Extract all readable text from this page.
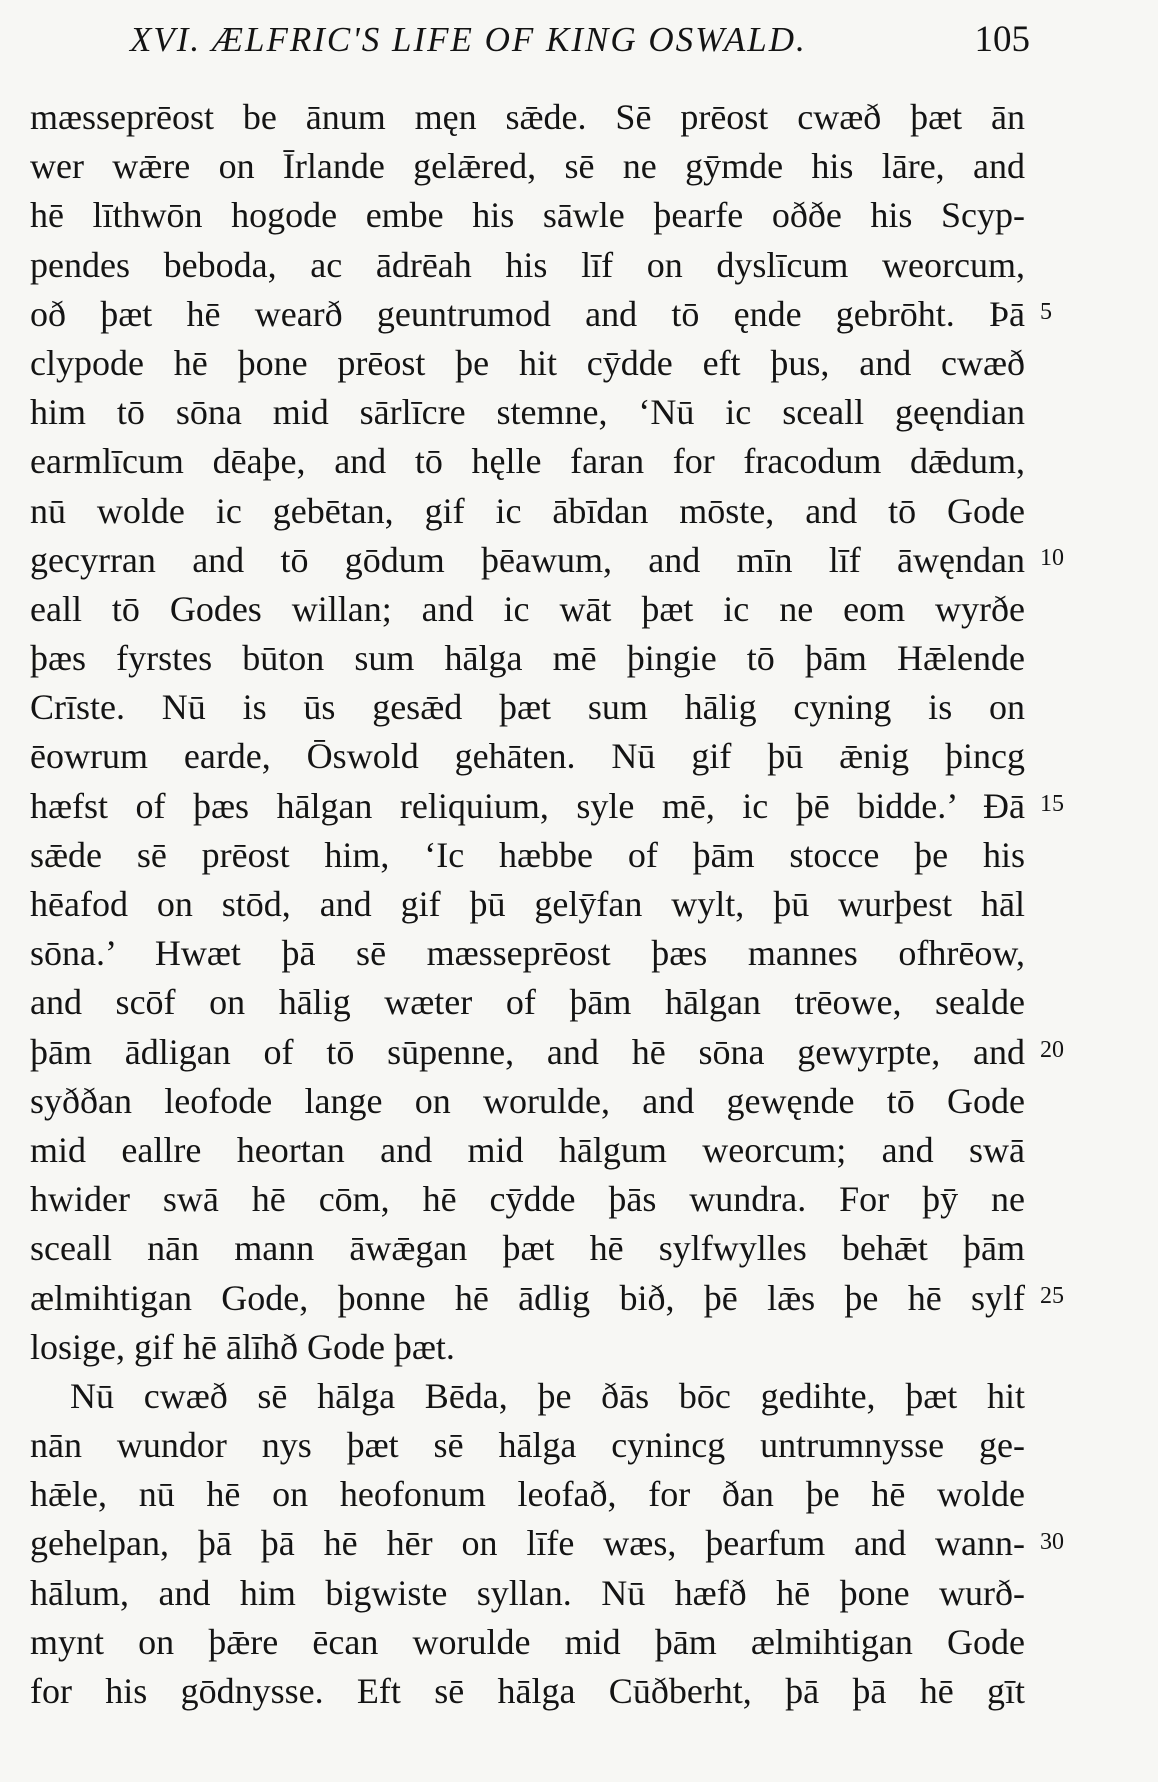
XVI. ÆLFRIC'S LIFE OF KING OSWALD.	105
mæsseprēost be ānum męn sǣde. Sē prēost cwæð þæt ān
wer wǣre on Īrlande gelǣred, sē ne gȳmde his lāre, and
hē līthwōn hogode embe his sāwle þearfe oððe his Scyp-
pendes beboda, ac ādrēah his līf on dyslīcum weorcum,
oð þæt hē wearð geuntrumod and tō ęnde gebrōht. Þā
clypode hē þone prēost þe hit cȳdde eft þus, and cwæð
him tō sōna mid sārlīcre stemne, ‘Nū ic sceall geęndian
earmlīcum dēaþe, and tō hęlle faran for fracodum dǣdum,
nū wolde ic gebētan, gif ic ābīdan mōste, and tō Gode
gecyrran and tō gōdum þēawum, and mīn līf āwęndan
eall tō Godes willan; and ic wāt þæt ic ne eom wyrðe
þæs fyrstes būton sum hālga mē þingie tō þām Hǣlende
Crīste. Nū is ūs gesǣd þæt sum hālig cyning is on
ēowrum earde, Ōswold gehāten. Nū gif þū ǣnig þincg
hæfst of þæs hālgan reliquium, syle mē, ic þē bidde.’ Ðā
sǣde sē prēost him, ‘Ic hæbbe of þām stocce þe his
hēafod on stōd, and gif þū gelȳfan wylt, þū wurþest hāl
sōna.’ Hwæt þā sē mæsseprēost þæs mannes ofhrēow,
and scōf on hālig wæter of þām hālgan trēowe, sealde
þām ādligan of tō sūpenne, and hē sōna gewyrpte, and
syððan leofode lange on worulde, and gewęnde tō Gode
mid eallre heortan and mid hālgum weorcum; and swā
hwider swā hē cōm, hē cȳdde þās wundra. For þȳ ne
sceall nān mann āwǣgan þæt hē sylfwylles behǣt þām
ælmihtigan Gode, þonne hē ādlig bið, þē lǣs þe hē sylf
losige, gif hē ālīhð Gode þæt.
Nū cwæð sē hālga Bēda, þe ðās bōc gedihte, þæt hit
nān wundor nys þæt sē hālga cynincg untrumnysse ge-
hǣle, nū hē on heofonum leofað, for ðan þe hē wolde
gehelpan, þā þā hē hēr on līfe wæs, þearfum and wann-
hālum, and him bigwiste syllan. Nū hæfð hē þone wurð-
mynt on þǣre ēcan worulde mid þām ælmihtigan Gode
for his gōdnysse. Eft sē hālga Cūðberht, þā þā hē gīt
5
10
15
20
25
30
